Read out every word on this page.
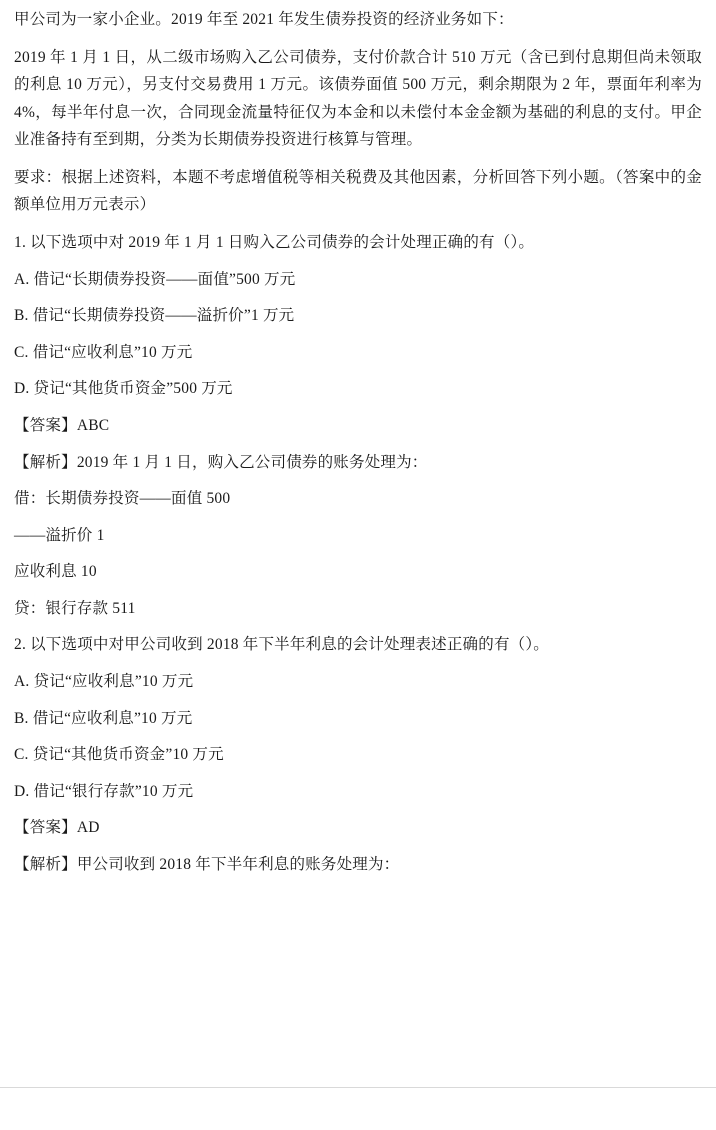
甲公司为一家小企业。2019 年至 2021 年发生债券投资的经济业务如下：

2019 年 1 月 1 日，从二级市场购入乙公司债券，支付价款合计 510 万元（含已到付息期但尚未领取的利息 10 万元），另支付交易费用 1 万元。该债券面值 500 万元，剩余期限为 2 年，票面年利率为 4%，每半年付息一次，合同现金流量特征仅为本金和以未偿付本金金额为基础的利息的支付。甲企业准备持有至到期，分类为长期债券投资进行核算与管理。

要求：根据上述资料，本题不考虑增值税等相关税费及其他因素，分析回答下列小题。（答案中的金额单位用万元表示）

1. 以下选项中对 2019 年 1 月 1 日购入乙公司债券的会计处理正确的有（）。

A. 借记“长期债券投资——面值”500 万元

B. 借记“长期债券投资——溢折价”1 万元

C. 借记“应收利息”10 万元

D. 贷记“其他货币资金”500 万元

【答案】ABC

【解析】2019 年 1 月 1 日，购入乙公司债券的账务处理为：

借：长期债券投资——面值 500

——溢折价 1

应收利息 10

贷：银行存款 511

2. 以下选项中对甲公司收到 2018 年下半年利息的会计处理表述正确的有（）。

A. 贷记“应收利息”10 万元

B. 借记“应收利息”10 万元

C. 贷记“其他货币资金”10 万元

D. 借记“银行存款”10 万元

【答案】AD

【解析】甲公司收到 2018 年下半年利息的账务处理为：
